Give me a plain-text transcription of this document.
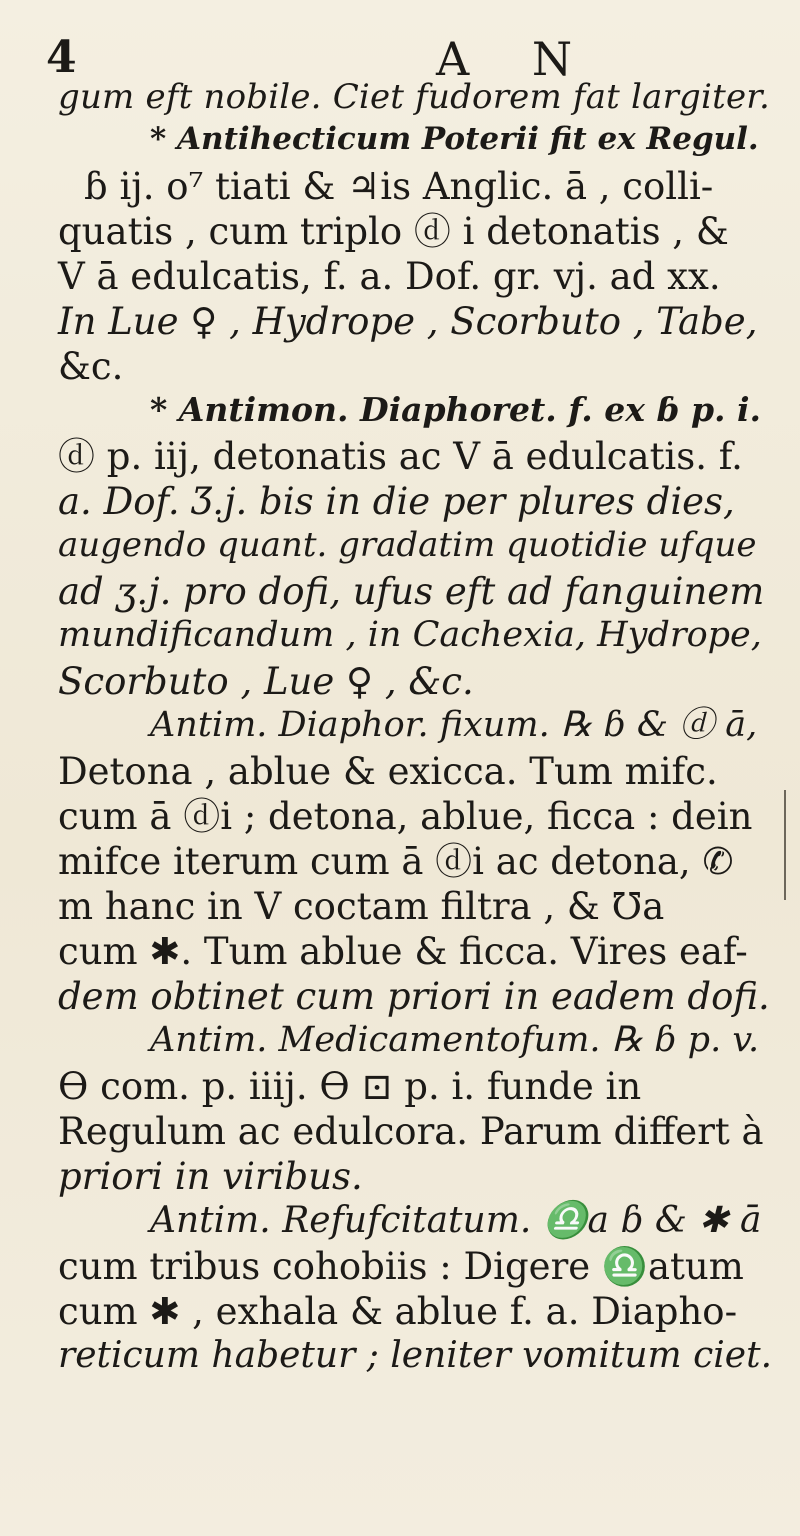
4	A N
gum eft nobile. Ciet fudorem fat largiter.
* Antihecticum Poterii fit ex Regul.
ɓ ij. o⁷ tiati & ♃is Anglic. ā , colli-
quatis , cum triplo ⓓ i detonatis , &
V ā edulcatis, f. a. Dof. gr. vj. ad xx.
In Lue ♀ , Hydrope , Scorbuto , Tabe,
&c.
* Antimon. Diaphoret. f. ex ɓ p. i.
ⓓ p. iij, detonatis ac V ā edulcatis. f.
a. Dof. Ʒ.j. bis in die per plures dies,
augendo quant. gradatim quotidie ufque
ad ʒ.j. pro dofi, ufus eft ad fanguinem
mundificandum , in Cachexia, Hydrope,
Scorbuto , Lue ♀ , &c.
Antim. Diaphor. fixum. ℞ ɓ & ⓓ ā,
Detona , ablue & exicca. Tum mifc.
cum ā ⓓi ; detona, ablue, ficca : dein
mifce iterum cum ā ⓓi ac detona, ✆
m hanc in V coctam filtra , & ℧a
cum ✱. Tum ablue & ficca. Vires eaf-
dem obtinet cum priori in eadem dofi.
Antim. Medicamentofum. ℞ ɓ p. v.
ϴ com. p. iiij. ϴ ⊡ p. i. funde in
Regulum ac edulcora. Parum differt à
priori in viribus.
Antim. Refufcitatum. ♎a ɓ & ✱ ā
cum tribus cohobiis : Digere ♎atum
cum ✱ , exhala & ablue f. a. Diapho-
reticum habetur ; leniter vomitum ciet.
